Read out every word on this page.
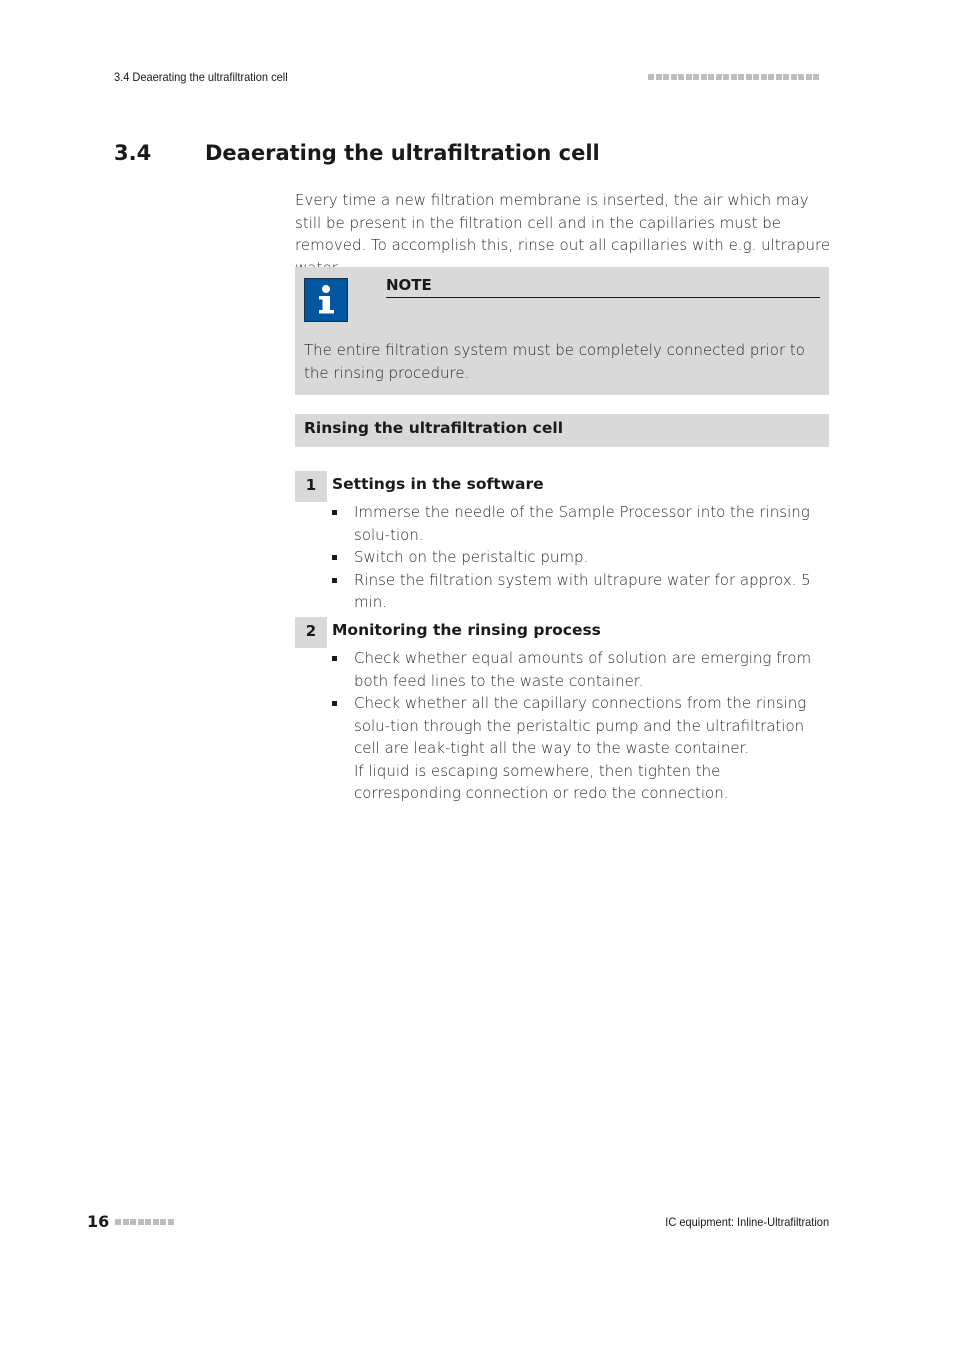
3.4 Deaerating the ultrafiltration cell
3.4	Deaerating the ultrafiltration cell
Every time a new filtration membrane is inserted, the air which may still be present in the filtration cell and in the capillaries must be removed. To accomplish this, rinse out all capillaries with e.g. ultrapure
NOTE
The entire filtration system must be completely connected prior to the rinsing procedure.
Rinsing the ultrafiltration cell
1	Settings in the software
Immerse the needle of the Sample Processor into the rinsing solu-tion.
Switch on the peristaltic pump.
Rinse the filtration system with ultrapure water for approx. 5 min.
2	Monitoring the rinsing process
Check whether equal amounts of solution are emerging from both feed lines to the waste container.
Check whether all the capillary connections from the rinsing solu-tion through the peristaltic pump and the ultrafiltration cell are leak-tight all the way to the waste container.
If liquid is escaping somewhere, then tighten the corresponding connection or redo the connection.
16	IC equipment: Inline-Ultrafiltration
